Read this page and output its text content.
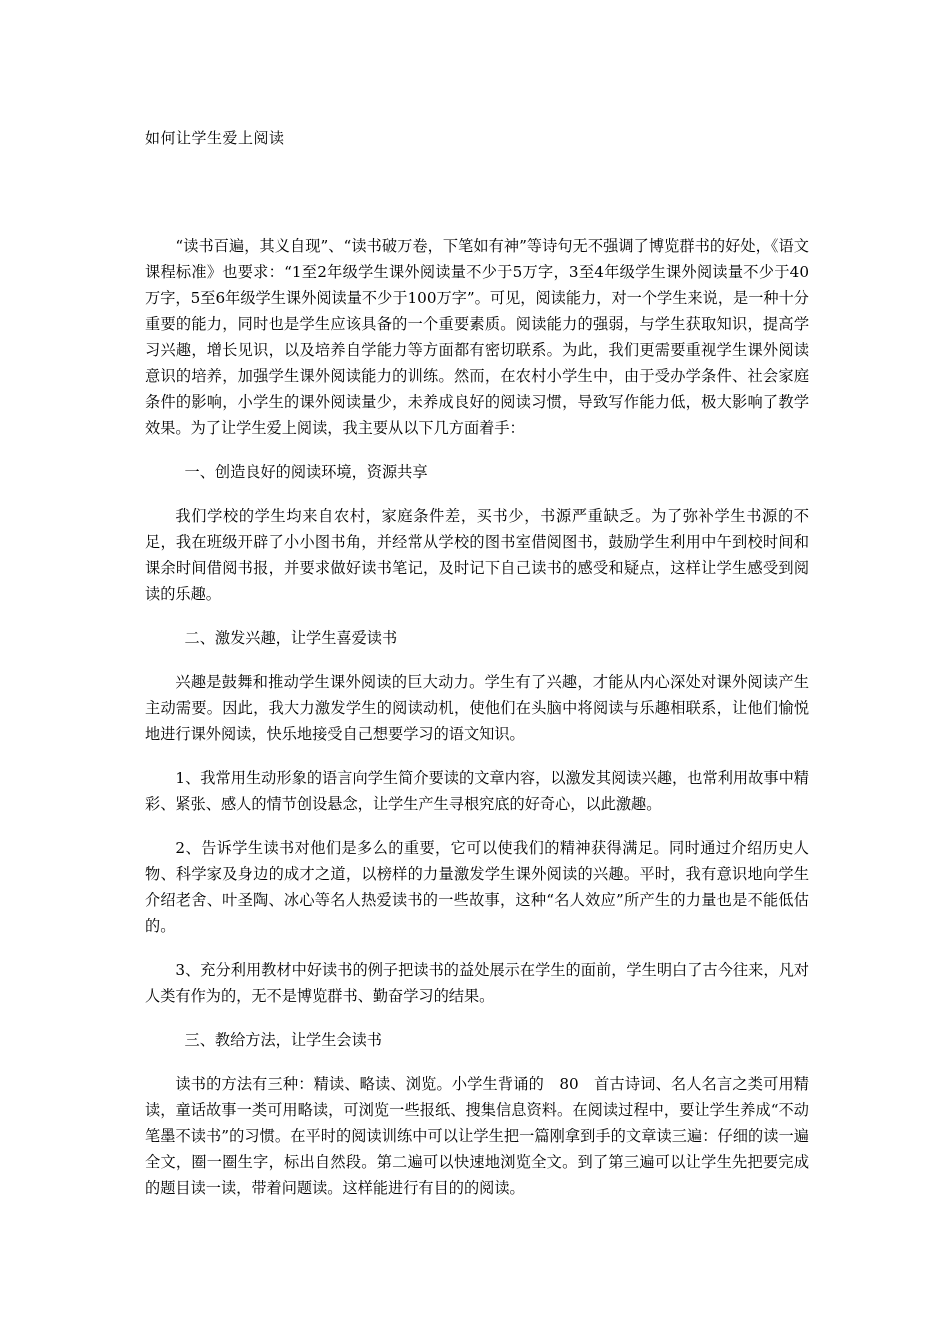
如何让学生爱上阅读

“读书百遍，其义自现”、“读书破万卷，下笔如有神”等诗句无不强调了博览群书的好处，《语文课程标准》也要求：“1至2年级学生课外阅读量不少于5万字，3至4年级学生课外阅读量不少于40万字，5至6年级学生课外阅读量不少于100万字”。可见，阅读能力，对一个学生来说，是一种十分重要的能力，同时也是学生应该具备的一个重要素质。阅读能力的强弱，与学生获取知识，提高学习兴趣，增长见识，以及培养自学能力等方面都有密切联系。为此，我们更需要重视学生课外阅读意识的培养，加强学生课外阅读能力的训练。然而，在农村小学生中，由于受办学条件、社会家庭条件的影响，小学生的课外阅读量少，未养成良好的阅读习惯，导致写作能力低，极大影响了教学效果。为了让学生爱上阅读，我主要从以下几方面着手：

一、创造良好的阅读环境，资源共享

我们学校的学生均来自农村，家庭条件差，买书少，书源严重缺乏。为了弥补学生书源的不足，我在班级开辟了小小图书角，并经常从学校的图书室借阅图书，鼓励学生利用中午到校时间和课余时间借阅书报，并要求做好读书笔记，及时记下自己读书的感受和疑点，这样让学生感受到阅读的乐趣。

二、激发兴趣，让学生喜爱读书

兴趣是鼓舞和推动学生课外阅读的巨大动力。学生有了兴趣，才能从内心深处对课外阅读产生主动需要。因此，我大力激发学生的阅读动机，使他们在头脑中将阅读与乐趣相联系，让他们愉悦地进行课外阅读，快乐地接受自己想要学习的语文知识。

1、我常用生动形象的语言向学生简介要读的文章内容，以激发其阅读兴趣，也常利用故事中精彩、紧张、感人的情节创设悬念，让学生产生寻根究底的好奇心，以此激趣。

2、告诉学生读书对他们是多么的重要，它可以使我们的精神获得满足。同时通过介绍历史人物、科学家及身边的成才之道，以榜样的力量激发学生课外阅读的兴趣。平时，我有意识地向学生介绍老舍、叶圣陶、冰心等名人热爱读书的一些故事，这种“名人效应”所产生的力量也是不能低估的。

3、充分利用教材中好读书的例子把读书的益处展示在学生的面前，学生明白了古今往来，凡对人类有作为的，无不是博览群书、勤奋学习的结果。

三、教给方法，让学生会读书

读书的方法有三种：精读、略读、浏览。小学生背诵的　80　首古诗词、名人名言之类可用精读，童话故事一类可用略读，可浏览一些报纸、搜集信息资料。在阅读过程中，要让学生养成“不动笔墨不读书”的习惯。在平时的阅读训练中可以让学生把一篇刚拿到手的文章读三遍：仔细的读一遍全文，圈一圈生字，标出自然段。第二遍可以快速地浏览全文。到了第三遍可以让学生先把要完成的题目读一读，带着问题读。这样能进行有目的的阅读。
